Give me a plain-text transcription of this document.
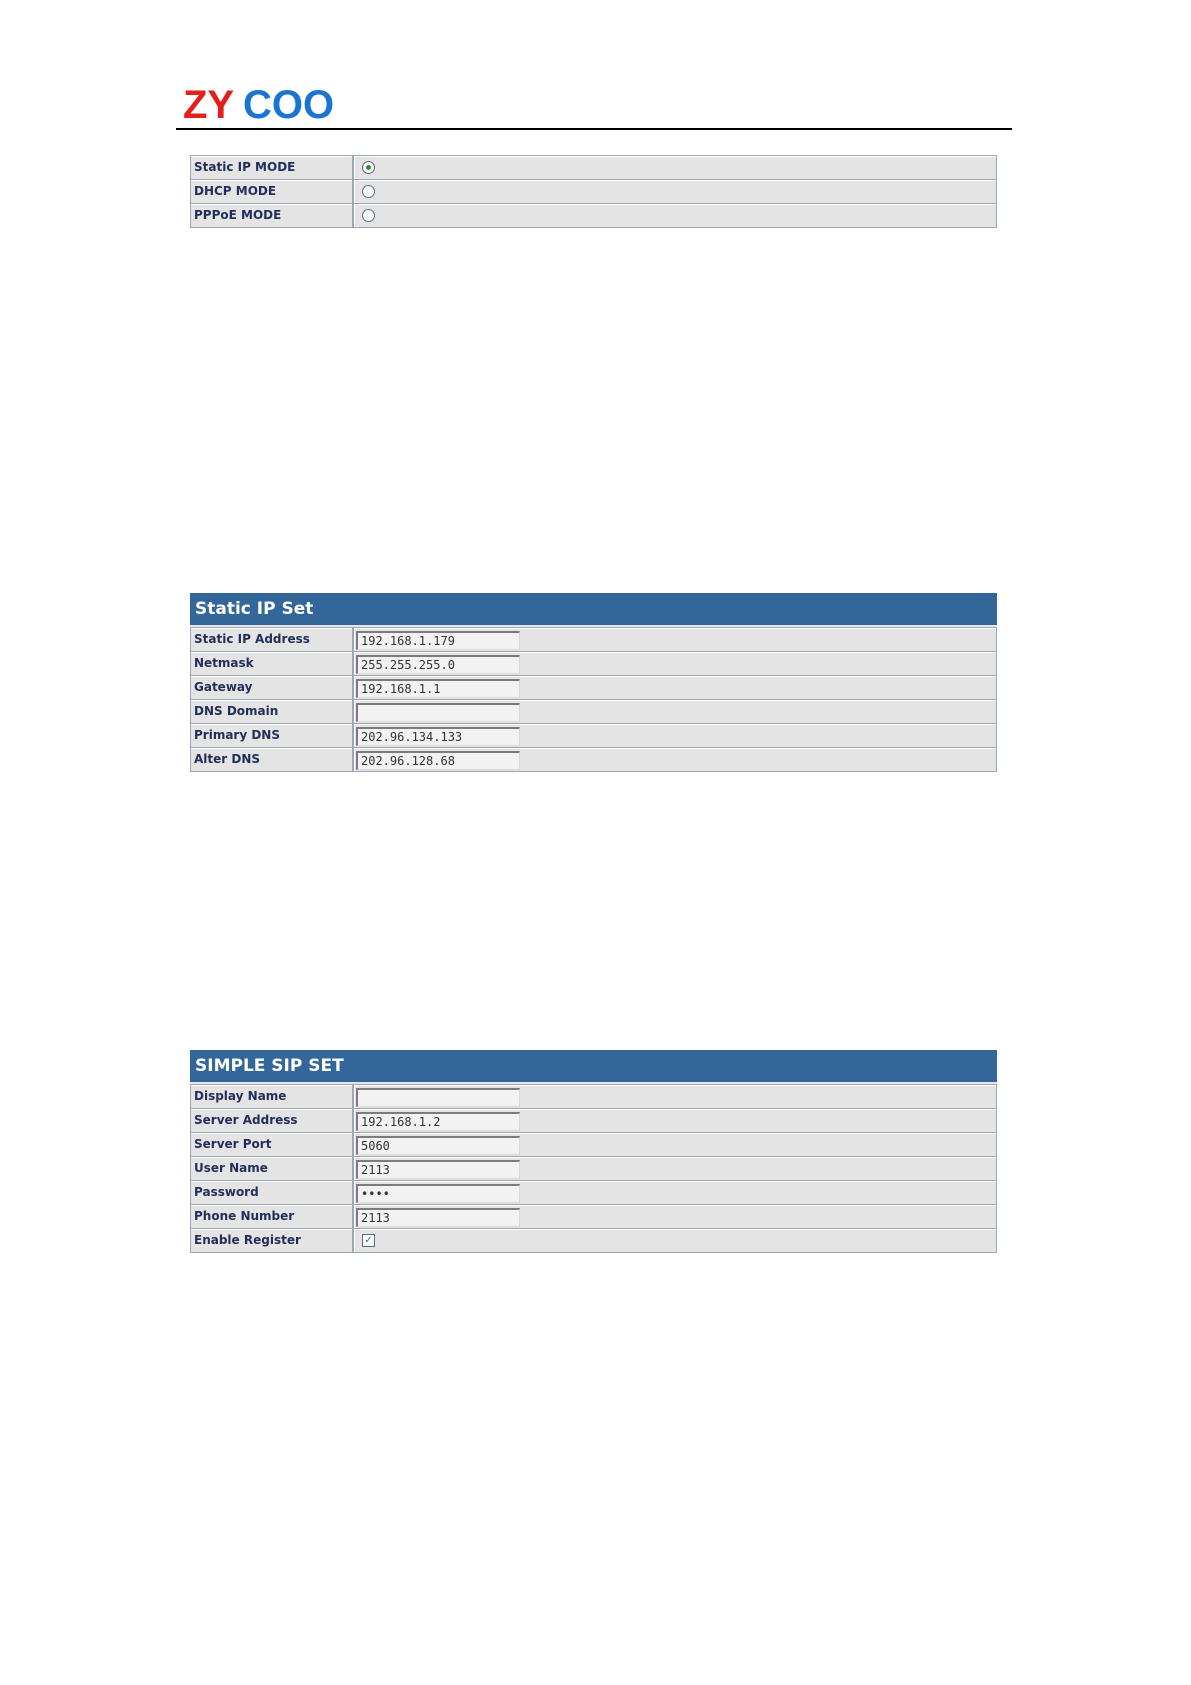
ZY COO
Static IP MODE
DHCP MODE
PPPoE MODE
Static IP Set
Static IP Address	192.168.1.179
Netmask	255.255.255.0
Gateway	192.168.1.1
DNS Domain
Primary DNS	202.96.134.133
Alter DNS	202.96.128.68
SIMPLE SIP SET
Display Name
Server Address	192.168.1.2
Server Port	5060
User Name	2113
Password	••••
Phone Number	2113
Enable Register	✓
